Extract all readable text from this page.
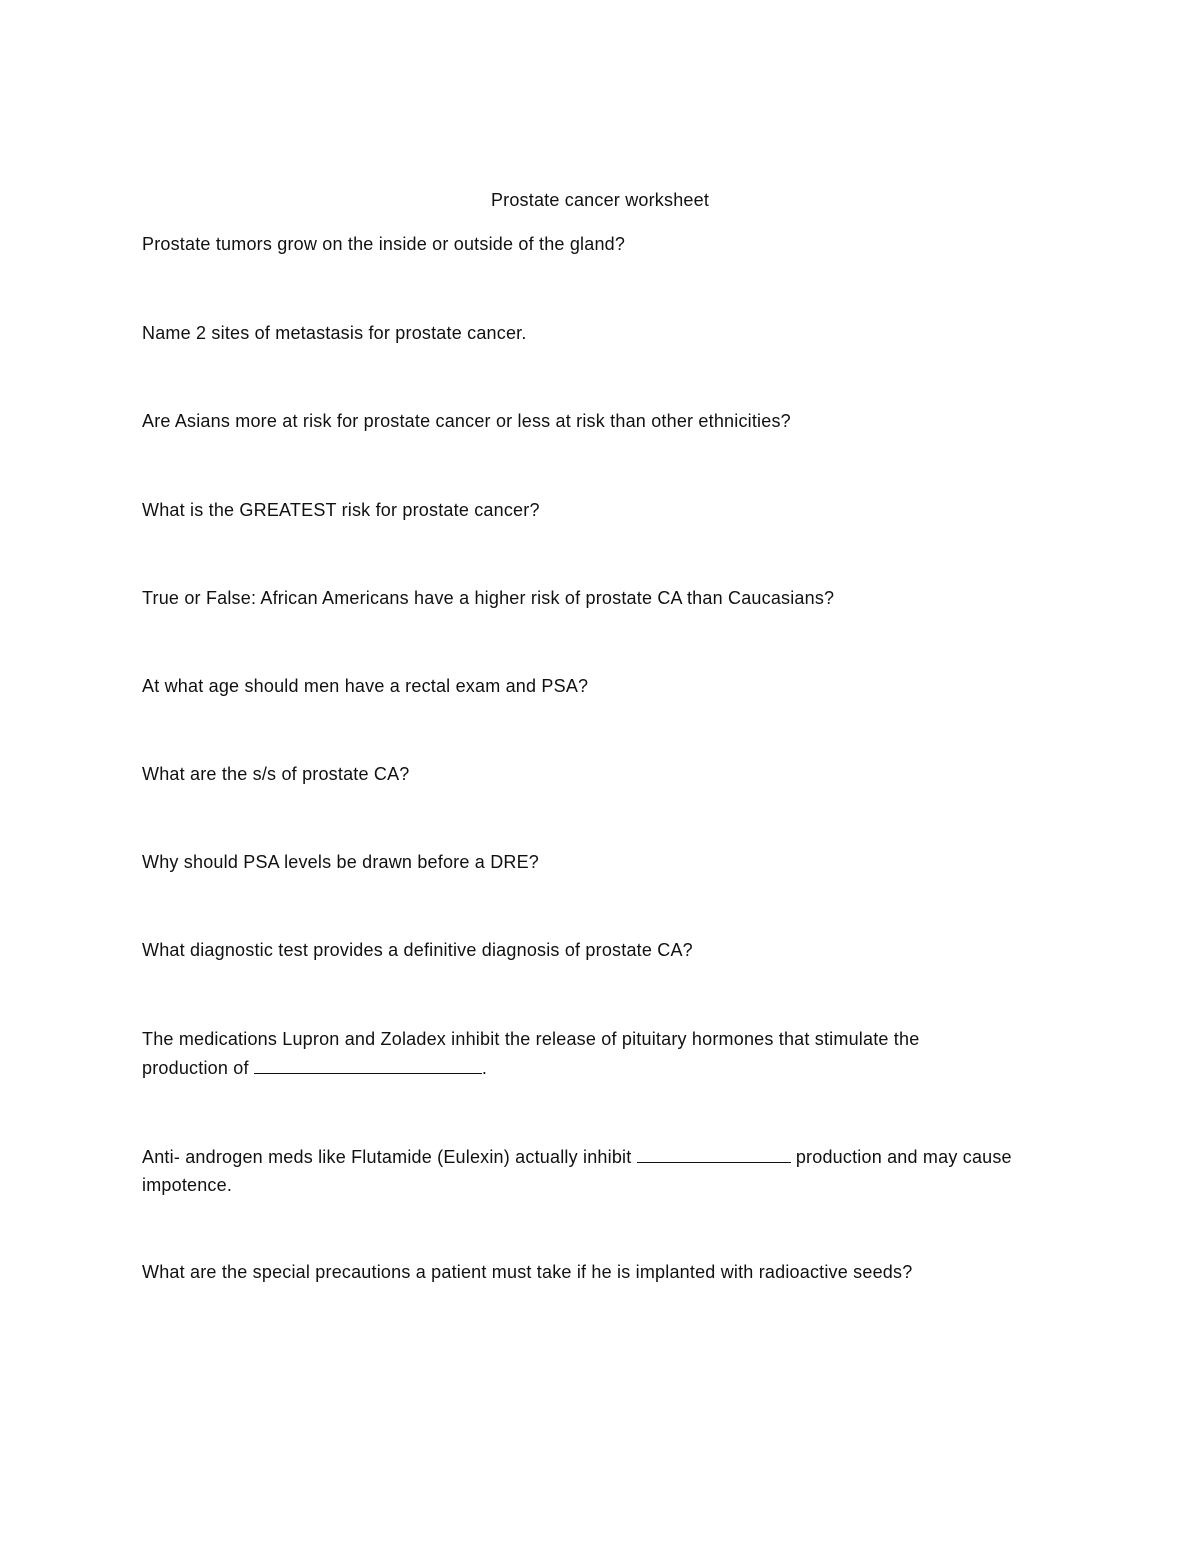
Prostate cancer worksheet
Prostate tumors grow on the inside or outside of the gland?
Name 2 sites of metastasis for prostate cancer.
Are Asians more at risk for prostate cancer or less at risk than other ethnicities?
What is the GREATEST risk for prostate cancer?
True or False: African Americans have a higher risk of prostate CA than Caucasians?
At what age should men have a rectal exam and PSA?
What are the s/s of prostate CA?
Why should PSA levels be drawn before a DRE?
What diagnostic test provides a definitive diagnosis of prostate CA?
The medications Lupron and Zoladex inhibit the release of pituitary hormones that stimulate the production of	.
Anti- androgen meds like Flutamide (Eulexin) actually inhibit	production and may cause impotence.
What are the special precautions a patient must take if he is implanted with radioactive seeds?
